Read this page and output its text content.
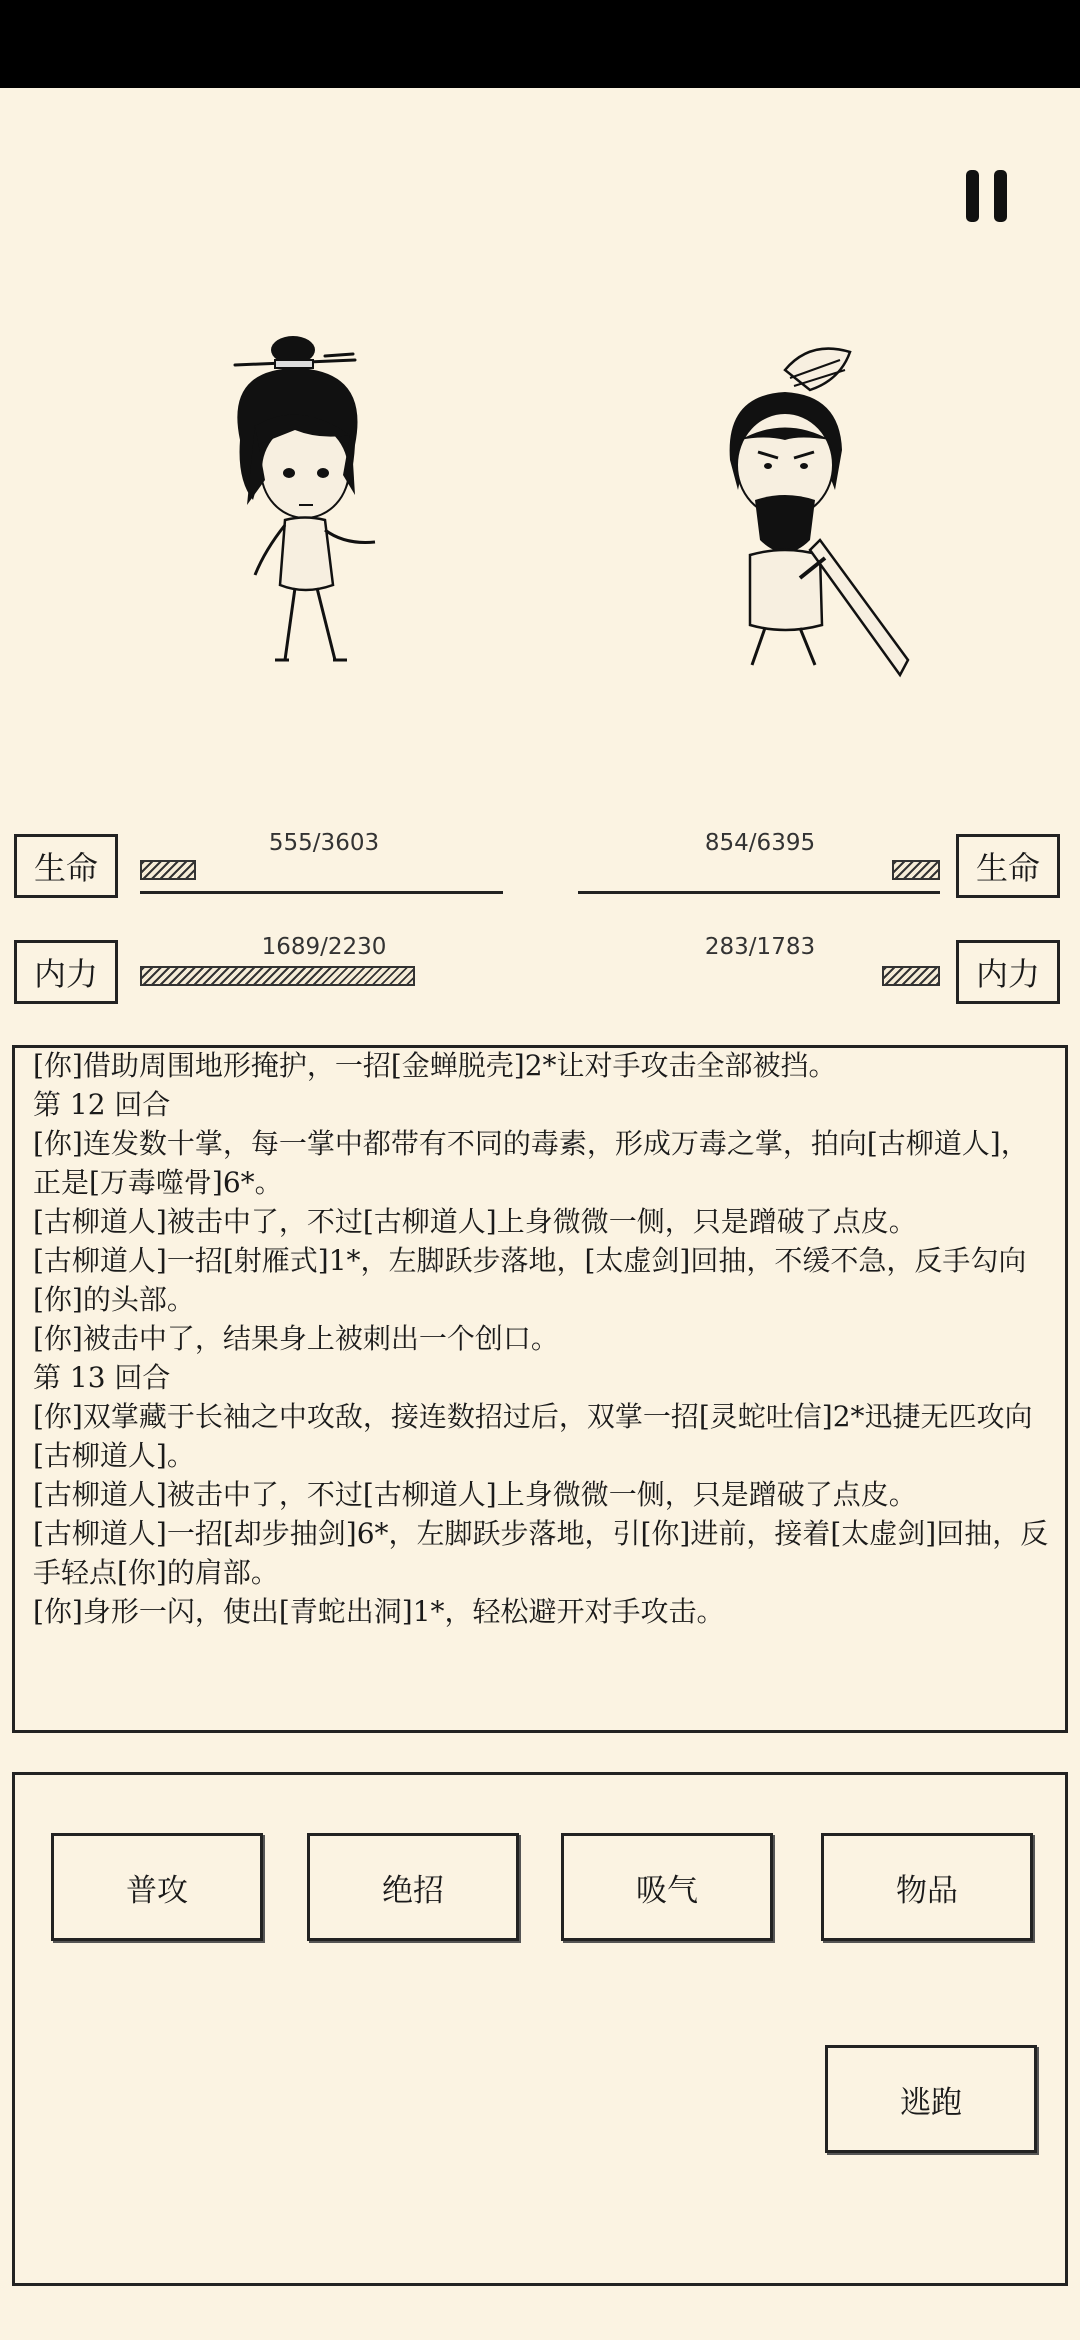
生命
555/3603
内力
1689/2230
生命
854/6395
内力
283/1783

[你]借助周围地形掩护，一招[金蝉脱壳]2*让对手攻击全部被挡。

第 12 回合

[你]连发数十掌，每一掌中都带有不同的毒素，形成万毒之掌，拍向[古柳道人]，正是[万毒噬骨]6*。

[古柳道人]被击中了，不过[古柳道人]上身微微一侧，只是蹭破了点皮。

[古柳道人]一招[射雁式]1*，左脚跃步落地，[太虚剑]回抽，不缓不急，反手勾向[你]的头部。

[你]被击中了，结果身上被刺出一个创口。

第 13 回合

[你]双掌藏于长袖之中攻敌，接连数招过后，双掌一招[灵蛇吐信]2*迅捷无匹攻向[古柳道人]。

[古柳道人]被击中了，不过[古柳道人]上身微微一侧，只是蹭破了点皮。

[古柳道人]一招[却步抽剑]6*，左脚跃步落地，引[你]进前，接着[太虚剑]回抽，反手轻点[你]的肩部。

[你]身形一闪，使出[青蛇出洞]1*，轻松避开对手攻击。

普攻	绝招	吸气	物品
逃跑
